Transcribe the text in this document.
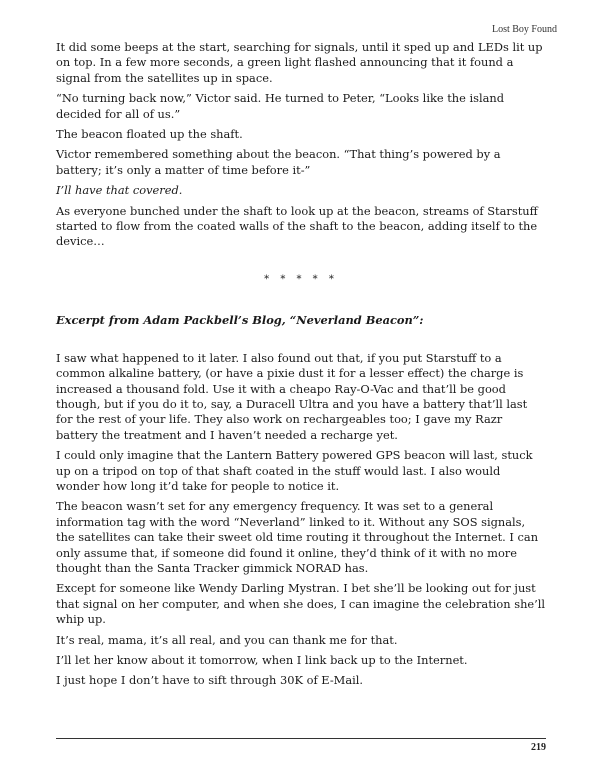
Lost Boy Found

It did some beeps at the start, searching for signals, until it sped up and LEDs lit up on top. In a few more seconds, a green light flashed announcing that it found a signal from the satellites up in space.

“No turning back now,” Victor said. He turned to Peter, “Looks like the island decided for all of us.”

The beacon floated up the shaft.

Victor remembered something about the beacon. “That thing’s powered by a battery; it’s only a matter of time before it-”

I’ll have that covered.

As everyone bunched under the shaft to look up at the beacon, streams of Starstuff started to flow from the coated walls of the shaft to the beacon, adding itself to the device…

* * * * *

Excerpt from Adam Packbell’s Blog, “Neverland Beacon”:

I saw what happened to it later. I also found out that, if you put Starstuff to a common alkaline battery, (or have a pixie dust it for a lesser effect) the charge is increased a thousand fold. Use it with a cheapo Ray-O-Vac and that’ll be good though, but if you do it to, say, a Duracell Ultra and you have a battery that’ll last for the rest of your life. They also work on rechargeables too; I gave my Razr battery the treatment and I haven’t needed a recharge yet.

I could only imagine that the Lantern Battery powered GPS beacon will last, stuck up on a tripod on top of that shaft coated in the stuff would last. I also would wonder how long it’d take for people to notice it.

The beacon wasn’t set for any emergency frequency. It was set to a general information tag with the word “Neverland” linked to it. Without any SOS signals, the satellites can take their sweet old time routing it throughout the Internet. I can only assume that, if someone did found it online, they’d think of it with no more thought than the Santa Tracker gimmick NORAD has.

Except for someone like Wendy Darling Mystran. I bet she’ll be looking out for just that signal on her computer, and when she does, I can imagine the celebration she’ll whip up.

It’s real, mama, it’s all real, and you can thank me for that.

I’ll let her know about it tomorrow, when I link back up to the Internet.

I just hope I don’t have to sift through 30K of E-Mail.

219
